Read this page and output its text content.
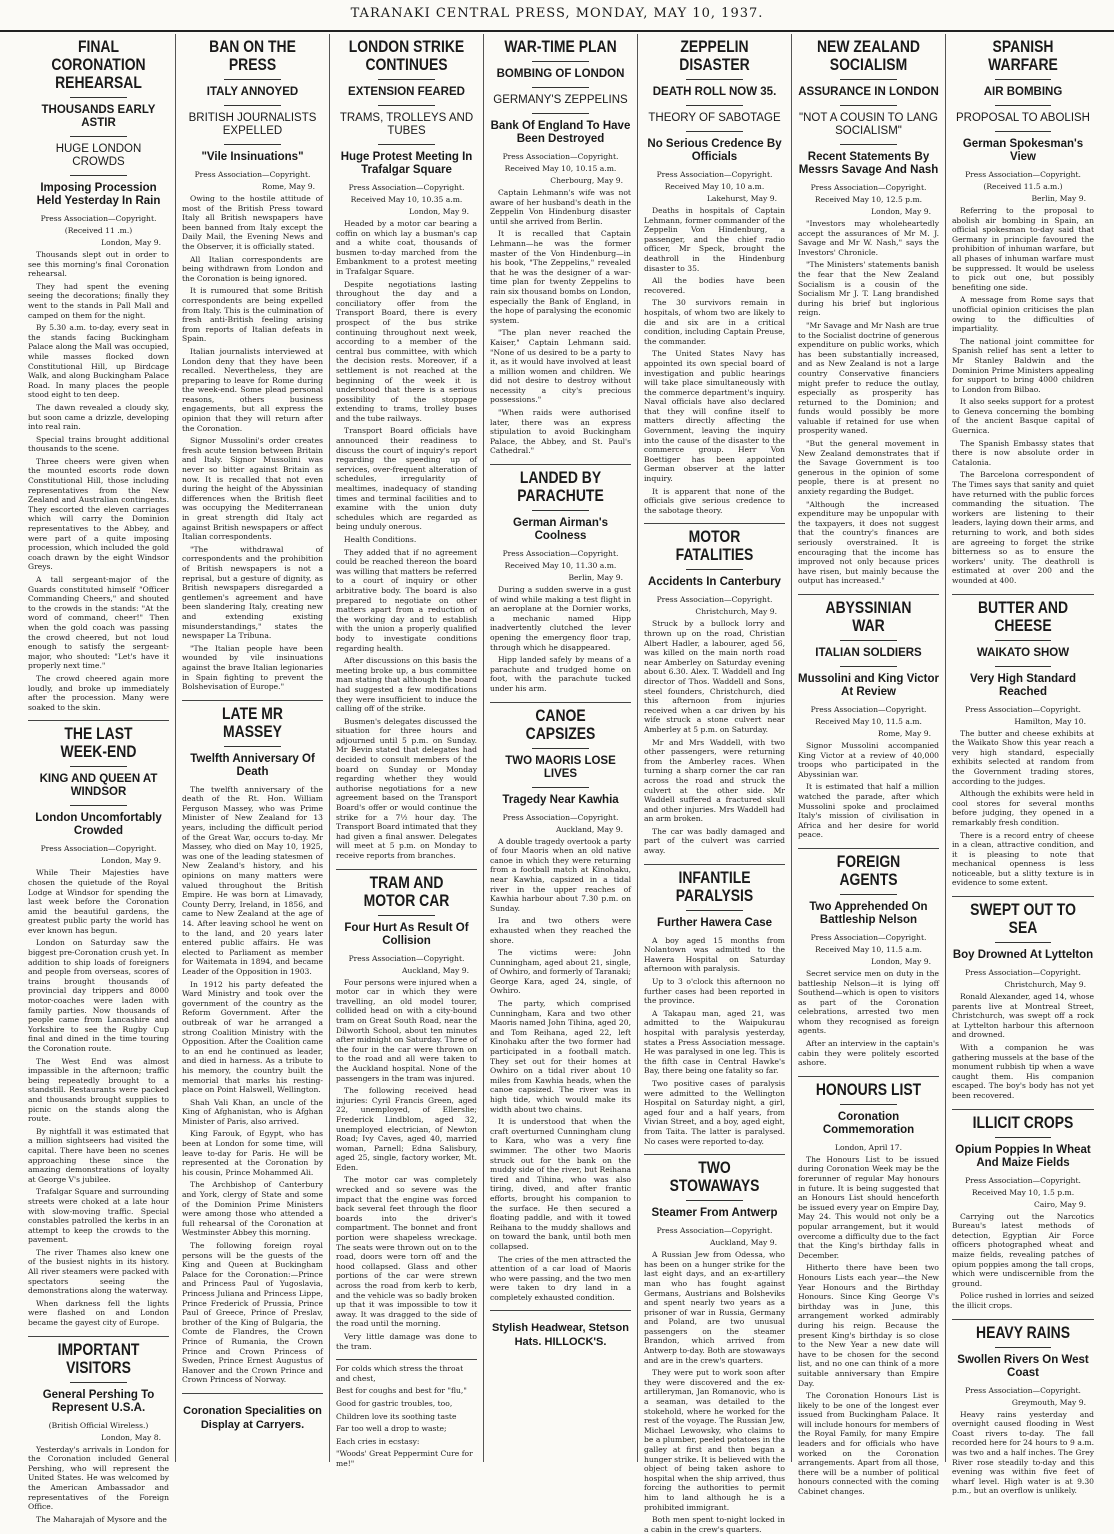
TARANAKI CENTRAL PRESS, MONDAY, MAY 10, 1937.
FINAL CORONATION REHEARSAL
THOUSANDS EARLY ASTIR
HUGE LONDON CROWDS
Imposing Procession Held Yesterday In Rain
Press Association—Copyright.
(Received 11 .m.)
London, May 9.

Thousands slept out in order to see this morning's final Coronation rehearsal.

They had spent the evening seeing the decorations; finally they went to the stands in Pall Mall and camped on them for the night.

By 5.30 a.m. to-day, every seat in the stands facing Buckingham Palace along the Mall was occupied, while masses flocked down Constitutional Hill, up Birdcage Walk, and along Buckingham Palace Road. In many places the people stood eight to ten deep.

The dawn revealed a cloudy sky, but soon came a drizzle, developing into real rain.

Special trains brought additional thousands to the scene.

Three cheers were given when the mounted escorts rode down Constitutional Hill, those including representatives from the New Zealand and Australian contingents. They escorted the eleven carriages which will carry the Dominion representatives to the Abbey, and were part of a quite imposing procession, which included the gold coach drawn by the eight Windsor Greys.

A tall sergeant-major of the Guards constituted himself "Officer Commanding Cheers," and shouted to the crowds in the stands: "At the word of command, cheer!" Then when the gold coach was passing the crowd cheered, but not loud enough to satisfy the sergeant-major, who shouted: "Let's have it properly next time."

The crowd cheered again more loudly, and broke up immediately after the procession. Many were soaked to the skin.

THE LAST WEEK-END
KING AND QUEEN AT WINDSOR
London Uncomfortably Crowded
Press Association—Copyright.
London, May 9.

While Their Majesties have chosen the quietude of the Royal Lodge at Windsor for spending the last week before the Coronation amid the beautiful gardens, the greatest public party the world has ever known has begun.

London on Saturday saw the biggest pre-Coronation crush yet. In addition to ship loads of foreigners and people from overseas, scores of trains brought thousands of provincial day trippers and 8000 motor-coaches were laden with family parties. Now thousands of people came from Lancashire and Yorkshire to see the Rugby Cup final and dined in the time touring the Coronation route.

The West End was almost impassible in the afternoon; traffic being repeatedly brought to a standstill. Restaurants were packed and thousands brought supplies to picnic on the stands along the route.

By nightfall it was estimated that a million sightseers had visited the capital. There have been no scenes approaching these since the amazing demonstrations of loyalty at George V's jubilee.

Trafalgar Square and surrounding streets were choked at a late hour with slow-moving traffic. Special constables patrolled the kerbs in an attempt to keep the crowds to the pavement.

The river Thames also knew one of the busiest nights in its history. All river steamers were packed with spectators seeing the demonstrations along the waterway.

When darkness fell the lights were flashed on and London became the gayest city of Europe.

IMPORTANT VISITORS
General Pershing To Represent U.S.A.
(British Official Wireless.)
London, May 8.

Yesterday's arrivals in London for the Coronation included General Pershing, who will represent the United States. He was welcomed by the American Ambassador and representatives of the Foreign Office.

The Maharajah of Mysore and the

BAN ON THE PRESS
ITALY ANNOYED
BRITISH JOURNALISTS EXPELLED
"Vile Insinuations"
Press Association—Copyright.
Rome, May 9.

Owing to the hostile attitude of most of the British Press toward Italy all British newspapers have been banned from Italy except the Daily Mail, the Evening News and the Observer, it is officially stated.

All Italian correspondents are being withdrawn from London and the Coronation is being ignored.

It is rumoured that some British correspondents are being expelled from Italy. This is the culmination of fresh anti-British feeling arising from reports of Italian defeats in Spain.

Italian journalists interviewed at London deny that they have been recalled. Nevertheless, they are preparing to leave for Rome during the week-end. Some plead personal reasons, others business engagements, but all express the opinion that they will return after the Coronation.

Signor Mussolini's order creates fresh acute tension between Britain and Italy. Signor Mussolini was never so bitter against Britain as now. It is recalled that not even during the height of the Abyssinian differences when the British fleet was occupying the Mediterranean in great strength did Italy act against British newspapers or affect Italian correspondents.

"The withdrawal of correspondents and the prohibition of British newspapers is not a reprisal, but a gesture of dignity, as British newspapers disregarded a gentlemen's agreement and have been slandering Italy, creating new and extending existing misunderstandings," states the newspaper La Tribuna.

"The Italian people have been wounded by vile insinuations against the brave Italian legionaries in Spain fighting to prevent the Bolshevisation of Europe."

LATE MR MASSEY
Twelfth Anniversary Of Death

The twelfth anniversary of the death of the Rt. Hon. William Ferguson Massey, who was Prime Minister of New Zealand for 13 years, including the difficult period of the Great War, occurs to-day. Mr Massey, who died on May 10, 1925, was one of the leading statesmen of New Zealand's history, and his opinions on many matters were valued throughout the British Empire. He was born at Limavady, County Derry, Ireland, in 1856, and came to New Zealand at the age of 14. After leaving school he went on to the land, and 20 years later entered public affairs. He was elected to Parliament as member for Waitemata in 1894, and became Leader of the Opposition in 1903.

In 1912 his party defeated the Ward Ministry and took over the government of the country as the Reform Government. After the outbreak of war he arranged a strong Coalition Ministry with the Opposition. After the Coalition came to an end he continued as leader, and died in harness. As a tribute to his memory, the country built the memorial that marks his resting-place on Point Halswell, Wellington.

Shah Vali Khan, an uncle of the King of Afghanistan, who is Afghan Minister of Paris, also arrived.

King Farouk, of Egypt, who has been at London for some time, will leave to-day for Paris. He will be represented at the Coronation by his cousin, Prince Mohammed Ali.

The Archbishop of Canterbury and York, clergy of State and some of the Dominion Prime Ministers were among those who attended a full rehearsal of the Coronation at Westminster Abbey this morning.

The following foreign royal persons will be the guests of the King and Queen at Buckingham Palace for the Coronation:—Prince and Princess Paul of Yugoslavia, Princess Juliana and Princess Lippe, Prince Frederick of Prussia, Prince Paul of Greece, Prince of Preslav, brother of the King of Bulgaria, the Comte de Flandres, the Crown Prince of Rumania, the Crown Prince and Crown Princess of Sweden, Prince Ernest Augustus of Hanover and the Crown Prince and Crown Princess of Norway.

Coronation Specialities on Display at Carryers.
LONDON STRIKE CONTINUES
EXTENSION FEARED
TRAMS, TROLLEYS AND TUBES
Huge Protest Meeting In Trafalgar Square
Press Association—Copyright.
Received May 10, 10.35 a.m.
London, May 9.

Headed by a motor car bearing a coffin on which lay a busman's cap and a white coat, thousands of busmen to-day marched from the Embankment to a protest meeting in Trafalgar Square.

Despite negotiations lasting throughout the day and a conciliatory offer from the Transport Board, there is every prospect of the bus strike continuing throughout next week, according to a member of the central bus committee, with which the decision rests. Moreover, if a settlement is not reached at the beginning of the week it is understood that there is a serious possibility of the stoppage extending to trams, trolley buses and the tube railways.

Transport Board officials have announced their readiness to discuss the court of inquiry's report regarding the speeding up of services, over-frequent alteration of schedules, irregularity of mealtimes, inadequacy of standing times and terminal facilities and to examine with the union duty schedules which are regarded as being unduly onerous.

Health Conditions.

They added that if no agreement could be reached thereon the board was willing that matters be referred to a court of inquiry or other arbitrative body. The board is also prepared to negotiate on other matters apart from a reduction of the working day and to establish with the union a properly qualified body to investigate conditions regarding health.

After discussions on this basis the meeting broke up, a bus committee man stating that although the board had suggested a few modifications they were insufficient to induce the calling off of the strike.

Busmen's delegates discussed the situation for three hours and adjourned until 5 p.m. on Sunday. Mr Bevin stated that delegates had decided to consult members of the board on Sunday or Monday regarding whether they would authorise negotiations for a new agreement based on the Transport Board's offer or would continue the strike for a 7½ hour day. The Transport Board intimated that they had given a final answer. Delegates will meet at 5 p.m. on Monday to receive reports from branches.

TRAM AND MOTOR CAR
Four Hurt As Result Of Collision
Press Association—Copyright.
Auckland, May 9.

Four persons were injured when a motor car in which they were travelling, an old model tourer, collided head on with a city-bound tram on Great South Road, near the Dilworth School, about ten minutes after midnight on Saturday. Three of the four in the car were thrown on to the road and all were taken to the Auckland hospital. None of the passengers in the tram was injured.

The following received head injuries: Cyril Francis Green, aged 22, unemployed, of Ellerslie; Frederick Lindblom, aged 32, unemployed electrician, of Newton Road; Ivy Caves, aged 40, married woman, Parnell; Edna Salisbury, aged 25, single, factory worker, Mt. Eden.

The motor car was completely wrecked and so severe was the impact that the engine was forced back several feet through the floor boards into the driver's compartment. The bonnet and front portion were shapeless wreckage. The seats were thrown out on to the road, doors were torn off and the hood collapsed. Glass and other portions of the car were strewn across the road from kerb to kerb, and the vehicle was so badly broken up that it was impossible to tow it away. It was dragged to the side of the road until the morning.

Very little damage was done to the tram.

For colds which stress the throat and chest,

Best for coughs and best for "flu,"

Good for gastric troubles, too,

Children love its soothing taste

Far too well a drop to waste;

Each cries in ecstasy:

"Woods' Great Peppermint Cure for me!"

WAR-TIME PLAN
BOMBING OF LONDON
GERMANY'S ZEPPELINS
Bank Of England To Have Been Destroyed
Press Association—Copyright.
Received May 10, 10.15 a.m.
Cherbourg, May 9.

Captain Lehmann's wife was not aware of her husband's death in the Zeppelin Von Hindenburg disaster until she arrived from Berlin.

It is recalled that Captain Lehmann—he was the former master of the Von Hindenburg—in his book, "The Zeppelins," revealed that he was the designer of a war-time plan for twenty Zeppelins to rain six thousand bombs on London, especially the Bank of England, in the hope of paralysing the economic system.

"The plan never reached the Kaiser," Captain Lehmann said. "None of us desired to be a party to it, as it would have involved at least a million women and children. We did not desire to destroy without necessity a city's precious possessions."

"When raids were authorised later, there was an express stipulation to avoid Buckingham Palace, the Abbey, and St. Paul's Cathedral."

LANDED BY PARACHUTE
German Airman's Coolness
Press Association—Copyright.
Received May 10, 11.30 a.m.
Berlin, May 9.

During a sudden swerve in a gust of wind while making a test flight in an aeroplane at the Dornier works, a mechanic named Hipp inadvertently clutched the lever opening the emergency floor trap, through which he disappeared.

Hipp landed safely by means of a parachute and trudged home on foot, with the parachute tucked under his arm.

CANOE CAPSIZES
TWO MAORIS LOSE LIVES
Tragedy Near Kawhia
Press Association—Copyright.
Auckland, May 9.

A double tragedy overtook a party of four Maoris when an old native canoe in which they were returning from a football match at Kinohaku, near Kawhia, capsized in a tidal river in the upper reaches of Kawhia harbour about 7.30 p.m. on Sunday.

Ira and two others were exhausted when they reached the shore.

The victims were: John Cunningham, aged about 21, single, of Owhiro, and formerly of Taranaki; George Kara, aged 24, single, of Owhiro.

The party, which comprised Cunningham, Kara and two other Maoris named John Tihina, aged 20, and Tom Reihana, aged 22, left Kinohaku after the two former had participated in a football match. They set out for their homes at Owhiro on a tidal river about 10 miles from Kawhia heads, when the canoe capsized. The river was in high tide, which would make its width about two chains.

It is understood that when the craft overturned Cunningham clung to Kara, who was a very fine swimmer. The other two Maoris struck out for the bank on the muddy side of the river, but Reihana tired and Tihina, who was also tiring, dived, and after frantic efforts, brought his companion to the surface. He then secured a floating paddle, and with it towed Reihana to the muddy shallows and on toward the bank, until both men collapsed.

The cries of the men attracted the attention of a car load of Maoris who were passing, and the two men were taken to dry land in a completely exhausted condition.

Stylish Headwear, Stetson Hats. HILLOCK'S.
ZEPPELIN DISASTER
DEATH ROLL NOW 35.
THEORY OF SABOTAGE
No Serious Credence By Officials
Press Association—Copyright.
Received May 10, 10 a.m.
Lakehurst, May 9.

Deaths in hospitals of Captain Lehmann, former commander of the Zeppelin Von Hindenburg, a passenger, and the chief radio officer, Mr Speck, brought the deathroll in the Hindenburg disaster to 35.

All the bodies have been recovered.

The 30 survivors remain in hospitals, of whom two are likely to die and six are in a critical condition, including Captain Preuse, the commander.

The United States Navy has appointed its own special board of investigation and public hearings will take place simultaneously with the commerce department's inquiry. Naval officials have also declared that they will confine itself to matters directly affecting the Government, leaving the inquiry into the cause of the disaster to the commerce group. Herr Von Boettiger has been appointed German observer at the latter inquiry.

It is apparent that none of the officials give serious credence to the sabotage theory.

MOTOR FATALITIES
Accidents In Canterbury
Press Association—Copyright.
Christchurch, May 9.

Struck by a bullock lorry and thrown up on the road, Christian Albert Hadler, a labourer, aged 56, was killed on the main north road near Amberley on Saturday evening about 6.30. Alex. T. Waddell and Ing director of Thos. Waddell and Sons, steel founders, Christchurch, died this afternoon from injuries received when a car driven by his wife struck a stone culvert near Amberley at 5 p.m. on Saturday.

Mr and Mrs Waddell, with two other passengers, were returning from the Amberley races. When turning a sharp corner the car ran across the road and struck the culvert at the other side. Mr Waddell suffered a fractured skull and other injuries. Mrs Waddell had an arm broken.

The car was badly damaged and part of the culvert was carried away.

INFANTILE PARALYSIS
Further Hawera Case

A boy aged 15 months from Nolantown was admitted to the Hawera Hospital on Saturday afternoon with paralysis.

Up to 3 o'clock this afternoon no further cases had been reported in the province.

A Takapau man, aged 21, was admitted to the Waipukurau hospital with paralysis yesterday, states a Press Association message. He was paralysed in one leg. This is the fifth case in Central Hawke's Bay, there being one fatality so far.

Two positive cases of paralysis were admitted to the Wellington Hospital on Saturday night, a girl, aged four and a half years, from Vivian Street, and a boy, aged eight, from Taita. The latter is paralysed. No cases were reported to-day.

TWO STOWAWAYS
Steamer From Antwerp
Press Association—Copyright.
Auckland, May 9.

A Russian Jew from Odessa, who has been on a hunger strike for the last eight days, and an ex-artillery man who has fought against Germans, Austrians and Bolsheviks and spent nearly two years as a prisoner of war in Russia, Germany and Poland, are two unusual passengers on the steamer Brandon, which arrived from Antwerp to-day. Both are stowaways and are in the crew's quarters.

They were put to work soon after they were discovered and the ex-artilleryman, Jan Romanovic, who is a seaman, was detailed to the stokehold, where he worked for the rest of the voyage. The Russian Jew, Michael Lewowsky, who claims to be a plumber, peeled potatoes in the galley at first and then began a hunger strike. It is believed with the object of being taken ashore to hospital when the ship arrived, thus forcing the authorities to permit him to land although he is a prohibited immigrant.

Both men spent to-night locked in a cabin in the crew's quarters.

NEW ZEALAND SOCIALISM
ASSURANCE IN LONDON
"NOT A COUSIN TO LANG SOCIALISM"
Recent Statements By Messrs Savage And Nash
Press Association—Copyright.
Received May 10, 12.5 p.m.
London, May 9.

"Investors may wholeheartedly accept the assurances of Mr M. J. Savage and Mr W. Nash," says the Investors' Chronicle.

"The Ministers' statements banish the fear that the New Zealand Socialism is a cousin of the Socialism Mr J. T. Lang brandished during his brief but inglorious reign.

"Mr Savage and Mr Nash are true to the Socialist doctrine of generous expenditure on public works, which has been substantially increased, and as New Zealand is not a large country Conservative financiers might prefer to reduce the outlay, especially as prosperity has returned to the Dominion; and funds would possibly be more valuable if retained for use when prosperity waned.

"But the general movement in New Zealand demonstrates that if the Savage Government is too generous in the opinion of some people, there is at present no anxiety regarding the Budget.

"Although the increased expenditure may be unpopular with the taxpayers, it does not suggest that the country's finances are seriously overstrained. It is encouraging that the income has improved not only because prices have risen, but mainly because the output has increased."

ABYSSINIAN WAR
ITALIAN SOLDIERS
Mussolini and King Victor At Review
Press Association—Copyright.
Received May 10, 11.5 a.m.
Rome, May 9.

Signor Mussolini accompanied King Victor at a review of 40,000 troops who participated in the Abyssinian war.

It is estimated that half a million watched the parade, after which Mussolini spoke and proclaimed Italy's mission of civilisation in Africa and her desire for world peace.

FOREIGN AGENTS
Two Apprehended On Battleship Nelson
Press Association—Copyright.
Received May 10, 11.5 a.m.
London, May 9.

Secret service men on duty in the battleship Nelson—it is lying off Southend—which is open to visitors as part of the Coronation celebrations, arrested two men whom they recognised as foreign agents.

After an interview in the captain's cabin they were politely escorted ashore.

HONOURS LIST
Coronation Commemoration
London, April 17.

The Honours List to be issued during Coronation Week may be the forerunner of regular May honours in future. It is being suggested that an Honours List should henceforth be issued every year on Empire Day, May 24. This would not only be a popular arrangement, but it would overcome a difficulty due to the fact that the King's birthday falls in December.

Hitherto there have been two Honours Lists each year—the New Year Honours and the Birthday Honours. Since King George V's birthday was in June, this arrangement worked admirably during his reign. Because the present King's birthday is so close to the New Year a new date will have to be chosen for the second list, and no one can think of a more suitable anniversary than Empire Day.

The Coronation Honours List is likely to be one of the longest ever issued from Buckingham Palace. It will include honours for members of the Royal Family, for many Empire leaders and for officials who have worked on the Coronation arrangements. Apart from all those, there will be a number of political honours connected with the coming Cabinet changes.

SPANISH WARFARE
AIR BOMBING
PROPOSAL TO ABOLISH
German Spokesman's View
Press Association—Copyright.
(Received 11.5 a.m.)
Berlin, May 9.

Referring to the proposal to abolish air bombing in Spain, an official spokesman to-day said that Germany in principle favoured the prohibition of inhuman warfare, but all phases of inhuman warfare must be suppressed. It would be useless to pick out one, but possibly benefiting one side.

A message from Rome says that unofficial opinion criticises the plan owing to the difficulties of impartiality.

The national joint committee for Spanish relief has sent a letter to Mr Stanley Baldwin and the Dominion Prime Ministers appealing for support to bring 4000 children to London from Bilbao.

It also seeks support for a protest to Geneva concerning the bombing of the ancient Basque capital of Guernica.

The Spanish Embassy states that there is now absolute order in Catalonia.

The Barcelona correspondent of The Times says that sanity and quiet have returned with the public forces commanding the situation. The workers are listening to their leaders, laying down their arms, and returning to work, and both sides are agreeing to forget the strike bitterness so as to ensure the workers' unity. The deathroll is estimated at over 200 and the wounded at 400.

BUTTER AND CHEESE
WAIKATO SHOW
Very High Standard Reached
Press Association—Copyright.
Hamilton, May 10.

The butter and cheese exhibits at the Waikato Show this year reach a very high standard, especially exhibits selected at random from the Government trading stores, according to the judges.

Although the exhibits were held in cool stores for several months before judging, they opened in a remarkably fresh condition.

There is a record entry of cheese in a clean, attractive condition, and it is pleasing to note that mechanical openness is less noticeable, but a slitty texture is in evidence to some extent.

SWEPT OUT TO SEA
Boy Drowned At Lyttelton
Press Association—Copyright.
Christchurch, May 9.

Ronald Alexander, aged 14, whose parents live at Montreal Street, Christchurch, was swept off a rock at Lyttelton harbour this afternoon and drowned.

With a companion he was gathering mussels at the base of the monument rubbish tip when a wave caught them. His companion escaped. The boy's body has not yet been recovered.

ILLICIT CROPS
Opium Poppies In Wheat And Maize Fields
Press Association—Copyright.
Received May 10, 1.5 p.m.
Cairo, May 9.

Carrying out the Narcotics Bureau's latest methods of detection, Egyptian Air Force officers photographed wheat and maize fields, revealing patches of opium poppies among the tall crops, which were undiscernible from the ground.

Police rushed in lorries and seized the illicit crops.

HEAVY RAINS
Swollen Rivers On West Coast
Press Association—Copyright.
Greymouth, May 9.

Heavy rains yesterday and overnight caused flooding in West Coast rivers to-day. The fall recorded here for 24 hours to 9 a.m. was two and a half inches. The Grey River rose steadily to-day and this evening was within five feet of wharf level. High water is at 9.30 p.m., but an overflow is unlikely.
